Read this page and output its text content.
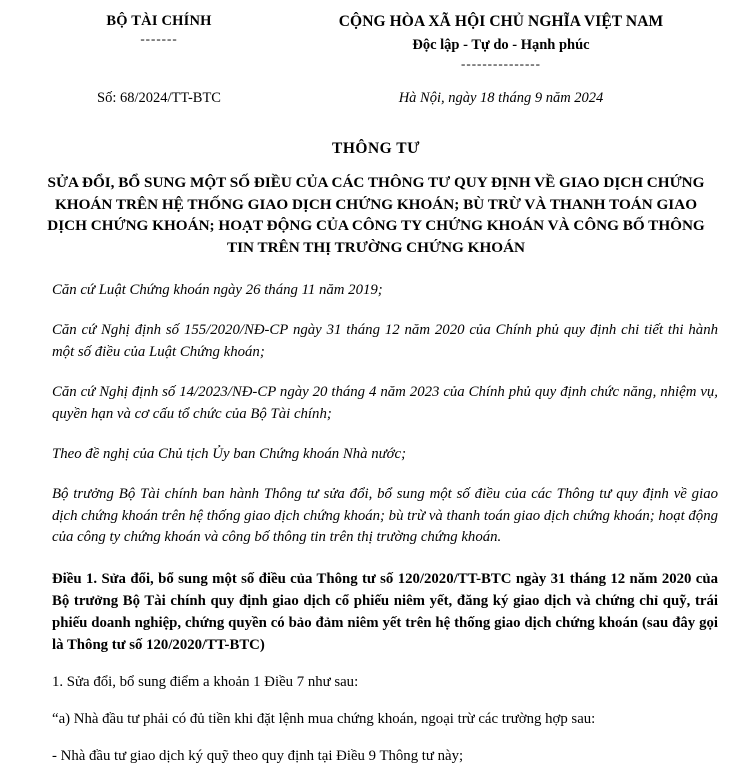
BỘ TÀI CHÍNH
-------
CỘNG HÒA XÃ HỘI CHỦ NGHĨA VIỆT NAM
Độc lập - Tự do - Hạnh phúc
---------------
Số: 68/2024/TT-BTC	Hà Nội, ngày 18 tháng 9 năm 2024
THÔNG TƯ
SỬA ĐỔI, BỔ SUNG MỘT SỐ ĐIỀU CỦA CÁC THÔNG TƯ QUY ĐỊNH VỀ GIAO DỊCH CHỨNG KHOÁN TRÊN HỆ THỐNG GIAO DỊCH CHỨNG KHOÁN; BÙ TRỪ VÀ THANH TOÁN GIAO DỊCH CHỨNG KHOÁN; HOẠT ĐỘNG CỦA CÔNG TY CHỨNG KHOÁN VÀ CÔNG BỐ THÔNG TIN TRÊN THỊ TRƯỜNG CHỨNG KHOÁN
Căn cứ Luật Chứng khoán ngày 26 tháng 11 năm 2019;
Căn cứ Nghị định số 155/2020/NĐ-CP ngày 31 tháng 12 năm 2020 của Chính phủ quy định chi tiết thi hành một số điều của Luật Chứng khoán;
Căn cứ Nghị định số 14/2023/NĐ-CP ngày 20 tháng 4 năm 2023 của Chính phủ quy định chức năng, nhiệm vụ, quyền hạn và cơ cấu tổ chức của Bộ Tài chính;
Theo đề nghị của Chủ tịch Ủy ban Chứng khoán Nhà nước;
Bộ trưởng Bộ Tài chính ban hành Thông tư sửa đổi, bổ sung một số điều của các Thông tư quy định về giao dịch chứng khoán trên hệ thống giao dịch chứng khoán; bù trừ và thanh toán giao dịch chứng khoán; hoạt động của công ty chứng khoán và công bố thông tin trên thị trường chứng khoán.
Điều 1. Sửa đổi, bổ sung một số điều của Thông tư số 120/2020/TT-BTC ngày 31 tháng 12 năm 2020 của Bộ trưởng Bộ Tài chính quy định giao dịch cổ phiếu niêm yết, đăng ký giao dịch và chứng chỉ quỹ, trái phiếu doanh nghiệp, chứng quyền có bảo đảm niêm yết trên hệ thống giao dịch chứng khoán (sau đây gọi là Thông tư số 120/2020/TT-BTC)
1. Sửa đổi, bổ sung điểm a khoản 1 Điều 7 như sau:
“a) Nhà đầu tư phải có đủ tiền khi đặt lệnh mua chứng khoán, ngoại trừ các trường hợp sau:
- Nhà đầu tư giao dịch ký quỹ theo quy định tại Điều 9 Thông tư này;
